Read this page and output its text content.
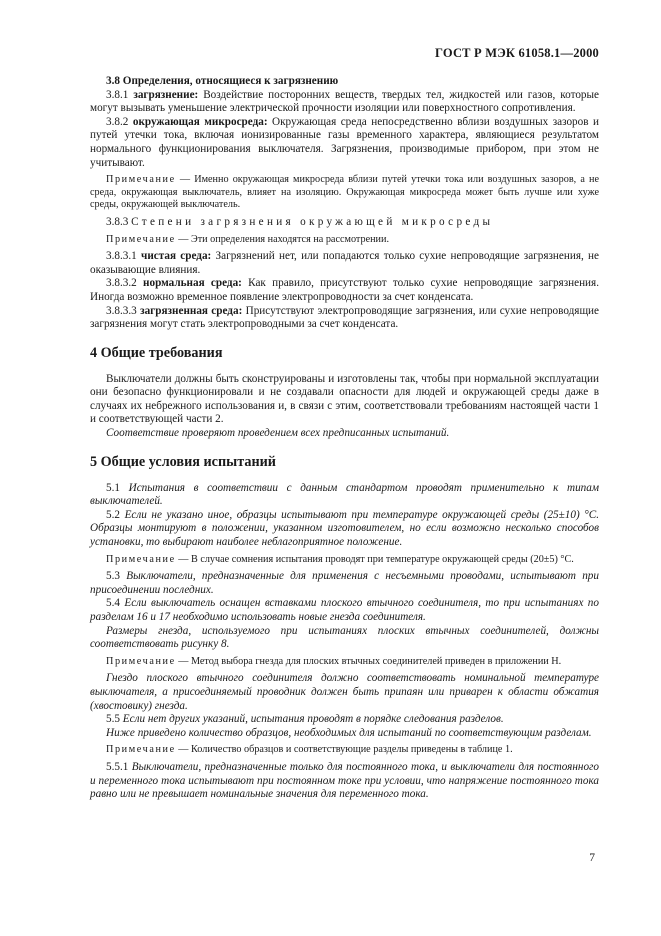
ГОСТ Р МЭК 61058.1—2000

3.8 Определения, относящиеся к загрязнению

3.8.1 загрязнение: Воздействие посторонних веществ, твердых тел, жидкостей или газов, которые могут вызывать уменьшение электрической прочности изоляции или поверхностного сопротивления.

3.8.2 окружающая микросреда: Окружающая среда непосредственно вблизи воздушных зазоров и путей утечки тока, включая ионизированные газы временного характера, являющиеся результатом нормального функционирования выключателя. Загрязнения, производимые прибором, при этом не учитывают.

Примечание — Именно окружающая микросреда вблизи путей утечки тока или воздушных зазоров, а не среда, окружающая выключатель, влияет на изоляцию. Окружающая микросреда может быть лучше или хуже среды, окружающей выключатель.

3.8.3 Степени загрязнения окружающей микросреды

Примечание — Эти определения находятся на рассмотрении.

3.8.3.1 чистая среда: Загрязнений нет, или попадаются только сухие непроводящие загрязнения, не оказывающие влияния.

3.8.3.2 нормальная среда: Как правило, присутствуют только сухие непроводящие загрязнения. Иногда возможно временное появление электропроводности за счет конденсата.

3.8.3.3 загрязненная среда: Присутствуют электропроводящие загрязнения, или сухие непроводящие загрязнения могут стать электропроводными за счет конденсата.

4 Общие требования

Выключатели должны быть сконструированы и изготовлены так, чтобы при нормальной эксплуатации они безопасно функционировали и не создавали опасности для людей и окружающей среды даже в случаях их небрежного использования и, в связи с этим, соответствовали требованиям настоящей части 1 и соответствующей части 2.

Соответствие проверяют проведением всех предписанных испытаний.

5 Общие условия испытаний

5.1 Испытания в соответствии с данным стандартом проводят применительно к типам выключателей.

5.2 Если не указано иное, образцы испытывают при температуре окружающей среды (25±10) °С. Образцы монтируют в положении, указанном изготовителем, но если возможно несколько способов установки, то выбирают наиболее неблагоприятное положение.

Примечание — В случае сомнения испытания проводят при температуре окружающей среды (20±5) °С.

5.3 Выключатели, предназначенные для применения с несъемными проводами, испытывают при присоединении последних.

5.4 Если выключатель оснащен вставками плоского втычного соединителя, то при испытаниях по разделам 16 и 17 необходимо использовать новые гнезда соединителя.

Размеры гнезда, используемого при испытаниях плоских втычных соединителей, должны соответствовать рисунку 8.

Примечание — Метод выбора гнезда для плоских втычных соединителей приведен в приложении Н.

Гнездо плоского втычного соединителя должно соответствовать номинальной температуре выключателя, а присоединяемый проводник должен быть припаян или приварен к области обжатия (хвостовику) гнезда.

5.5 Если нет других указаний, испытания проводят в порядке следования разделов.

Ниже приведено количество образцов, необходимых для испытаний по соответствующим разделам.

Примечание — Количество образцов и соответствующие разделы приведены в таблице 1.

5.5.1 Выключатели, предназначенные только для постоянного тока, и выключатели для постоянного и переменного тока испытывают при постоянном токе при условии, что напряжение постоянного тока равно или не превышает номинальные значения для переменного тока.

7
